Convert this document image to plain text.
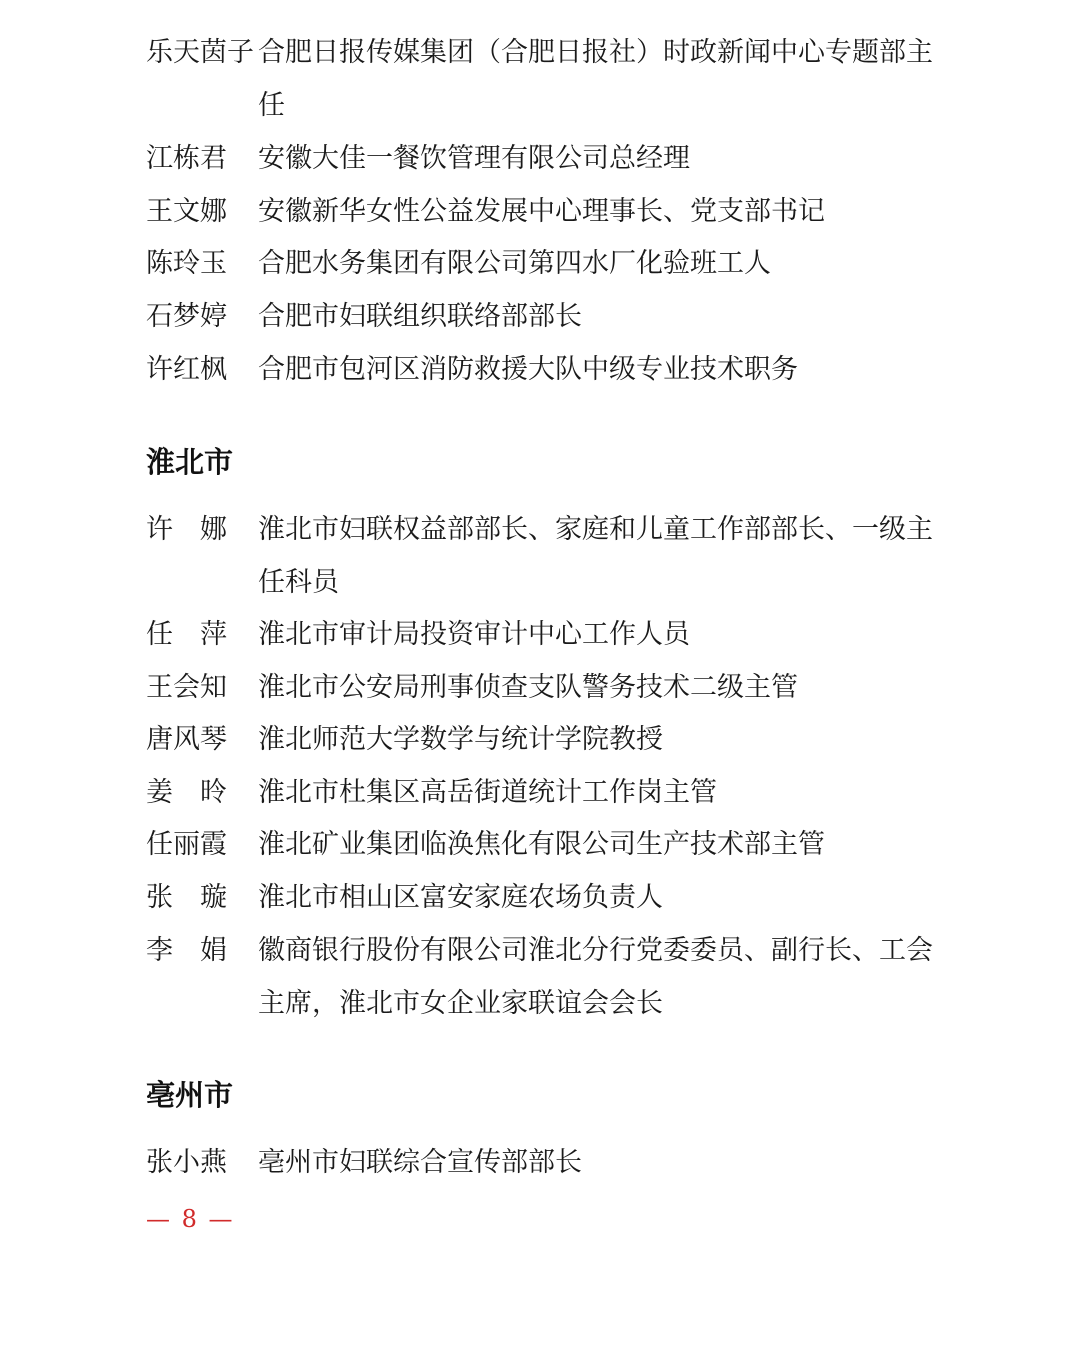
乐天茵子 合肥日报传媒集团（合肥日报社）时政新闻中心专题部主任
江栋君 安徽大佳一餐饮管理有限公司总经理
王文娜 安徽新华女性公益发展中心理事长、党支部书记
陈玲玉 合肥水务集团有限公司第四水厂化验班工人
石梦婷 合肥市妇联组织联络部部长
许红枫 合肥市包河区消防救援大队中级专业技术职务
淮北市
许　娜 淮北市妇联权益部部长、家庭和儿童工作部部长、一级主任科员
任　萍 淮北市审计局投资审计中心工作人员
王会知 淮北市公安局刑事侦查支队警务技术二级主管
唐风琴 淮北师范大学数学与统计学院教授
姜　昤 淮北市杜集区高岳街道统计工作岗主管
任丽霞 淮北矿业集团临涣焦化有限公司生产技术部主管
张　璇 淮北市相山区富安家庭农场负责人
李　娟 徽商银行股份有限公司淮北分行党委委员、副行长、工会主席，淮北市女企业家联谊会会长
亳州市
张小燕 亳州市妇联综合宣传部部长
— 8 —
